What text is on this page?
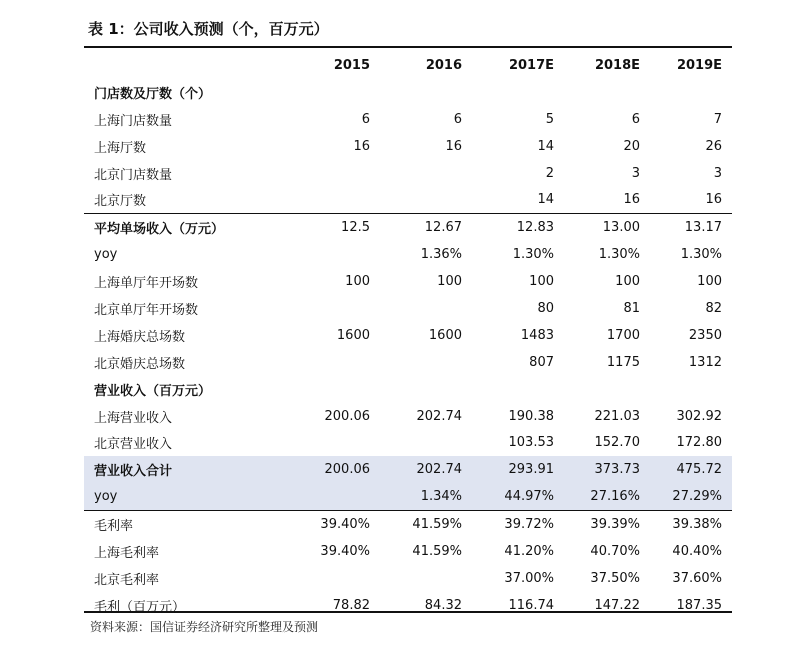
表 1：公司收入预测（个，百万元）
	2015	2016	2017E	2018E	2019E
门店数及厅数（个）					
上海门店数量	6	6	5	6	7
上海厅数	16	16	14	20	26
北京门店数量			2	3	3
北京厅数			14	16	16
平均单场收入（万元）	12.5	12.67	12.83	13.00	13.17
yoy		1.36%	1.30%	1.30%	1.30%
上海单厅年开场数	100	100	100	100	100
北京单厅年开场数			80	81	82
上海婚庆总场数	1600	1600	1483	1700	2350
北京婚庆总场数			807	1175	1312
营业收入（百万元）					
上海营业收入	200.06	202.74	190.38	221.03	302.92
北京营业收入			103.53	152.70	172.80
营业收入合计	200.06	202.74	293.91	373.73	475.72
yoy		1.34%	44.97%	27.16%	27.29%
毛利率	39.40%	41.59%	39.72%	39.39%	39.38%
上海毛利率	39.40%	41.59%	41.20%	40.70%	40.40%
北京毛利率			37.00%	37.50%	37.60%
毛利（百万元）	78.82	84.32	116.74	147.22	187.35
资料来源：国信证券经济研究所整理及预测
